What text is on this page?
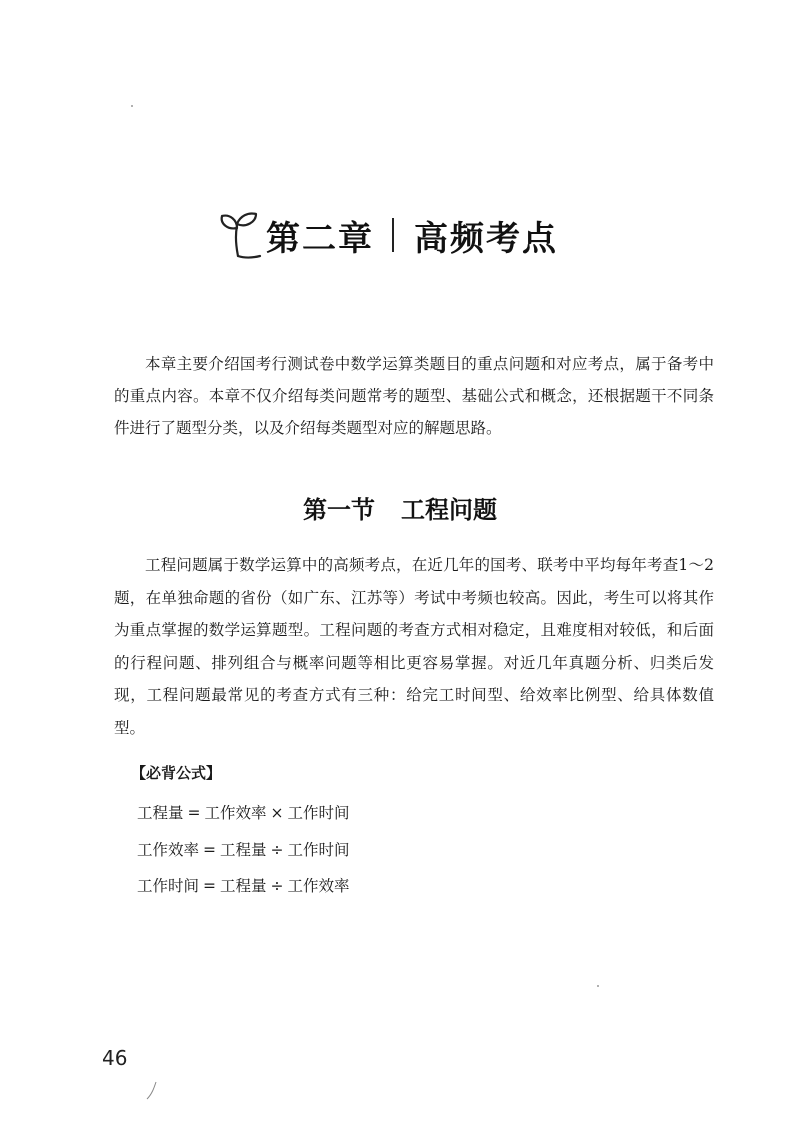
第二章 高频考点

本章主要介绍国考行测试卷中数学运算类题目的重点问题和对应考点，属于备考中的重点内容。本章不仅介绍每类问题常考的题型、基础公式和概念，还根据题干不同条件进行了题型分类，以及介绍每类题型对应的解题思路。

第一节 工程问题

工程问题属于数学运算中的高频考点，在近几年的国考、联考中平均每年考查1～2题，在单独命题的省份（如广东、江苏等）考试中考频也较高。因此，考生可以将其作为重点掌握的数学运算题型。工程问题的考查方式相对稳定，且难度相对较低，和后面的行程问题、排列组合与概率问题等相比更容易掌握。对近几年真题分析、归类后发现，工程问题最常见的考查方式有三种：给完工时间型、给效率比例型、给具体数值型。

【必背公式】

工程量 = 工作效率 × 工作时间

工作效率 = 工程量 ÷ 工作时间

工作时间 = 工程量 ÷ 工作效率

46
